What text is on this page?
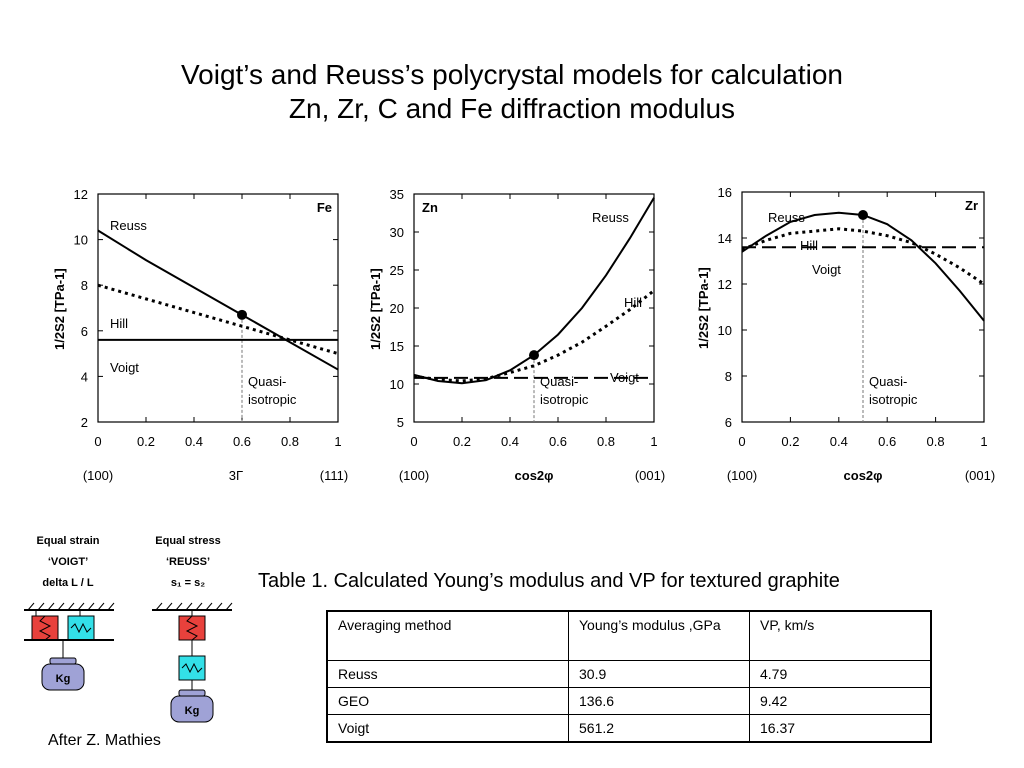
Voigt’s and Reuss’s polycrystal models for calculation
Zn, Zr, C and Fe diffraction modulus
2
4
6
8
10
12
0	0.2 0.4 0.6 0.8	1
1/2S2 [TPa-1]
(100)	(111)
3Γ
Fe
Reuss
Hill
Voigt
Quasi-
isotropic
5
10
15
20
25
30
35
0	0.2 0.4 0.6 0.8	1
1/2S2 [TPa-1]
(100)	(001)
cos2φ
Zn
Reuss
Hill
Voigt
Quasi-
isotropic
6
8
10
12
14
16
0	0.2 0.4 0.6 0.8	1
1/2S2 [TPa-1]
(100)	(001)
cos2φ
Zr
Reuss
Hill
Voigt
Quasi-
isotropic
Equal strain
‘VOIGT’
delta L / L
Kg
Equal stress
‘REUSS’
s₁ = s₂
Kg
After Z. Mathies
Table 1. Calculated Young’s modulus and VP for textured graphite
Averaging method	Young’s modulus ,GPa	VP, km/s
Reuss	30.9	4.79
GEO	136.6	9.42
Voigt	561.2	16.37
